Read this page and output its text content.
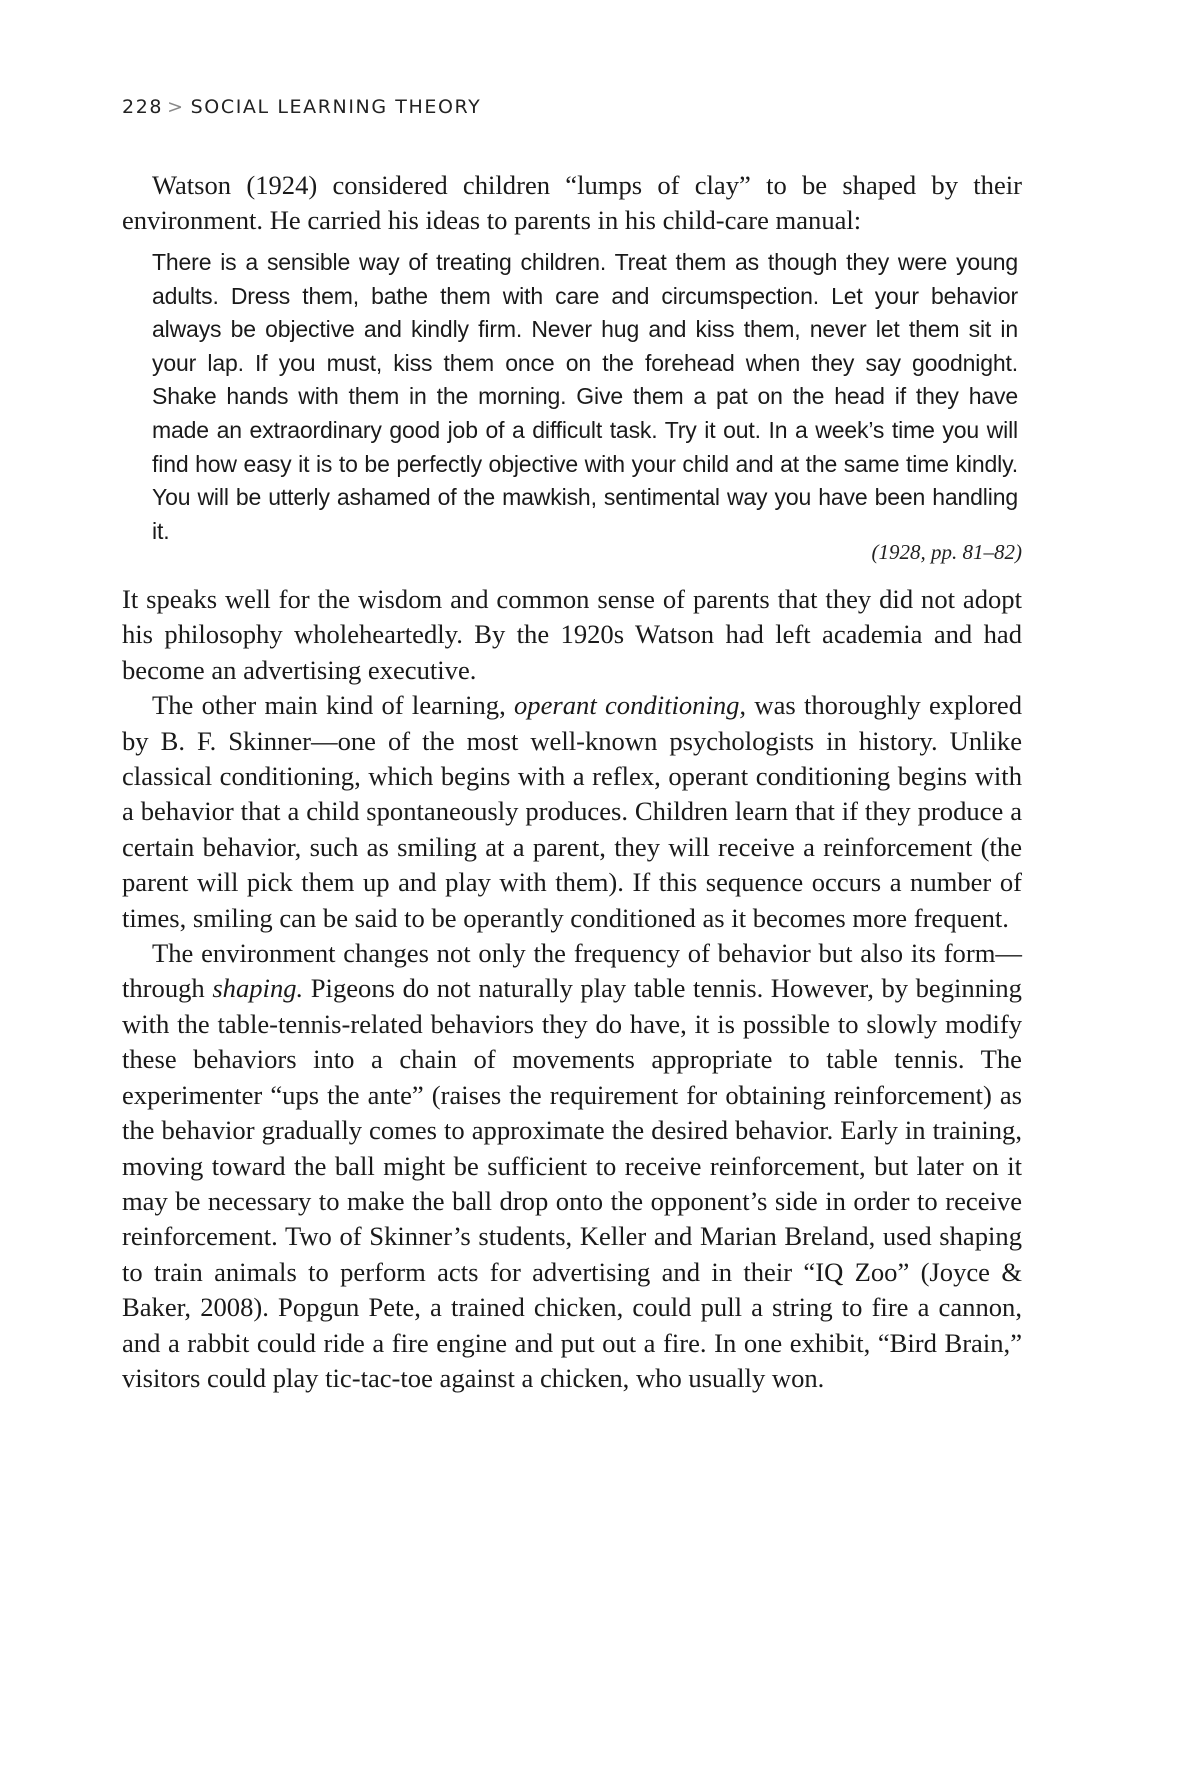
228 > SOCIAL LEARNING THEORY

Watson (1924) considered children “lumps of clay” to be shaped by their environment. He carried his ideas to parents in his child-care manual:

There is a sensible way of treating children. Treat them as though they were young adults. Dress them, bathe them with care and circumspection. Let your behavior always be objective and kindly firm. Never hug and kiss them, never let them sit in your lap. If you must, kiss them once on the forehead when they say goodnight. Shake hands with them in the morning. Give them a pat on the head if they have made an extraordinary good job of a difficult task. Try it out. In a week’s time you will find how easy it is to be perfectly objective with your child and at the same time kindly. You will be utterly ashamed of the mawkish, sentimental way you have been handling it.

(1928, pp. 81–82)

It speaks well for the wisdom and common sense of parents that they did not adopt his philosophy wholeheartedly. By the 1920s Watson had left academia and had become an advertising executive.

The other main kind of learning, operant conditioning, was thoroughly explored by B. F. Skinner—one of the most well-known psychologists in history. Unlike classical conditioning, which begins with a reflex, operant conditioning begins with a behavior that a child spontaneously produces. Children learn that if they produce a certain behavior, such as smiling at a parent, they will receive a reinforcement (the parent will pick them up and play with them). If this sequence occurs a number of times, smiling can be said to be operantly conditioned as it becomes more frequent.

The environment changes not only the frequency of behavior but also its form—through shaping. Pigeons do not naturally play table tennis. However, by beginning with the table-tennis-related behaviors they do have, it is possible to slowly modify these behaviors into a chain of movements appropriate to table tennis. The experimenter “ups the ante” (raises the requirement for obtaining reinforcement) as the behavior gradually comes to approximate the desired behavior. Early in training, moving toward the ball might be sufficient to receive reinforcement, but later on it may be necessary to make the ball drop onto the opponent’s side in order to receive reinforcement. Two of Skinner’s students, Keller and Marian Breland, used shaping to train animals to perform acts for advertising and in their “IQ Zoo” (Joyce & Baker, 2008). Popgun Pete, a trained chicken, could pull a string to fire a cannon, and a rabbit could ride a fire engine and put out a fire. In one exhibit, “Bird Brain,” visitors could play tic-tac-toe against a chicken, who usually won.
